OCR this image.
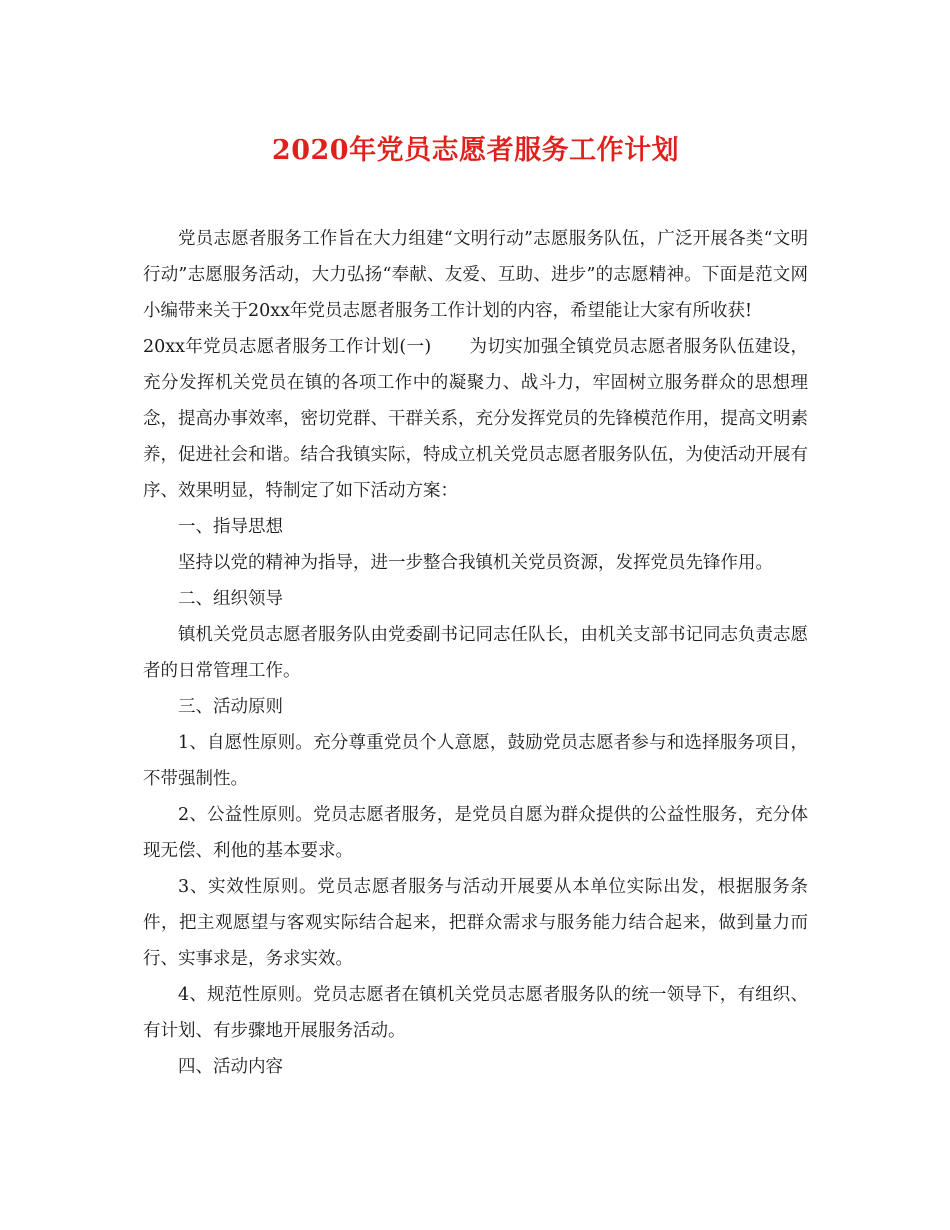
2020年党员志愿者服务工作计划

党员志愿者服务工作旨在大力组建“文明行动”志愿服务队伍，广泛开展各类“文明行动”志愿服务活动，大力弘扬“奉献、友爱、互助、进步”的志愿精神。下面是范文网小编带来关于20xx年党员志愿者服务工作计划的内容，希望能让大家有所收获!

20xx年党员志愿者服务工作计划(一) 为切实加强全镇党员志愿者服务队伍建设，充分发挥机关党员在镇的各项工作中的凝聚力、战斗力，牢固树立服务群众的思想理念，提高办事效率，密切党群、干群关系，充分发挥党员的先锋模范作用，提高文明素养，促进社会和谐。结合我镇实际，特成立机关党员志愿者服务队伍，为使活动开展有序、效果明显，特制定了如下活动方案：

一、指导思想

坚持以党的精神为指导，进一步整合我镇机关党员资源，发挥党员先锋作用。

二、组织领导

镇机关党员志愿者服务队由党委副书记同志任队长，由机关支部书记同志负责志愿者的日常管理工作。

三、活动原则

1、自愿性原则。充分尊重党员个人意愿，鼓励党员志愿者参与和选择服务项目，不带强制性。

2、公益性原则。党员志愿者服务，是党员自愿为群众提供的公益性服务，充分体现无偿、利他的基本要求。

3、实效性原则。党员志愿者服务与活动开展要从本单位实际出发，根据服务条件，把主观愿望与客观实际结合起来，把群众需求与服务能力结合起来，做到量力而行、实事求是，务求实效。

4、规范性原则。党员志愿者在镇机关党员志愿者服务队的统一领导下，有组织、有计划、有步骤地开展服务活动。

四、活动内容
